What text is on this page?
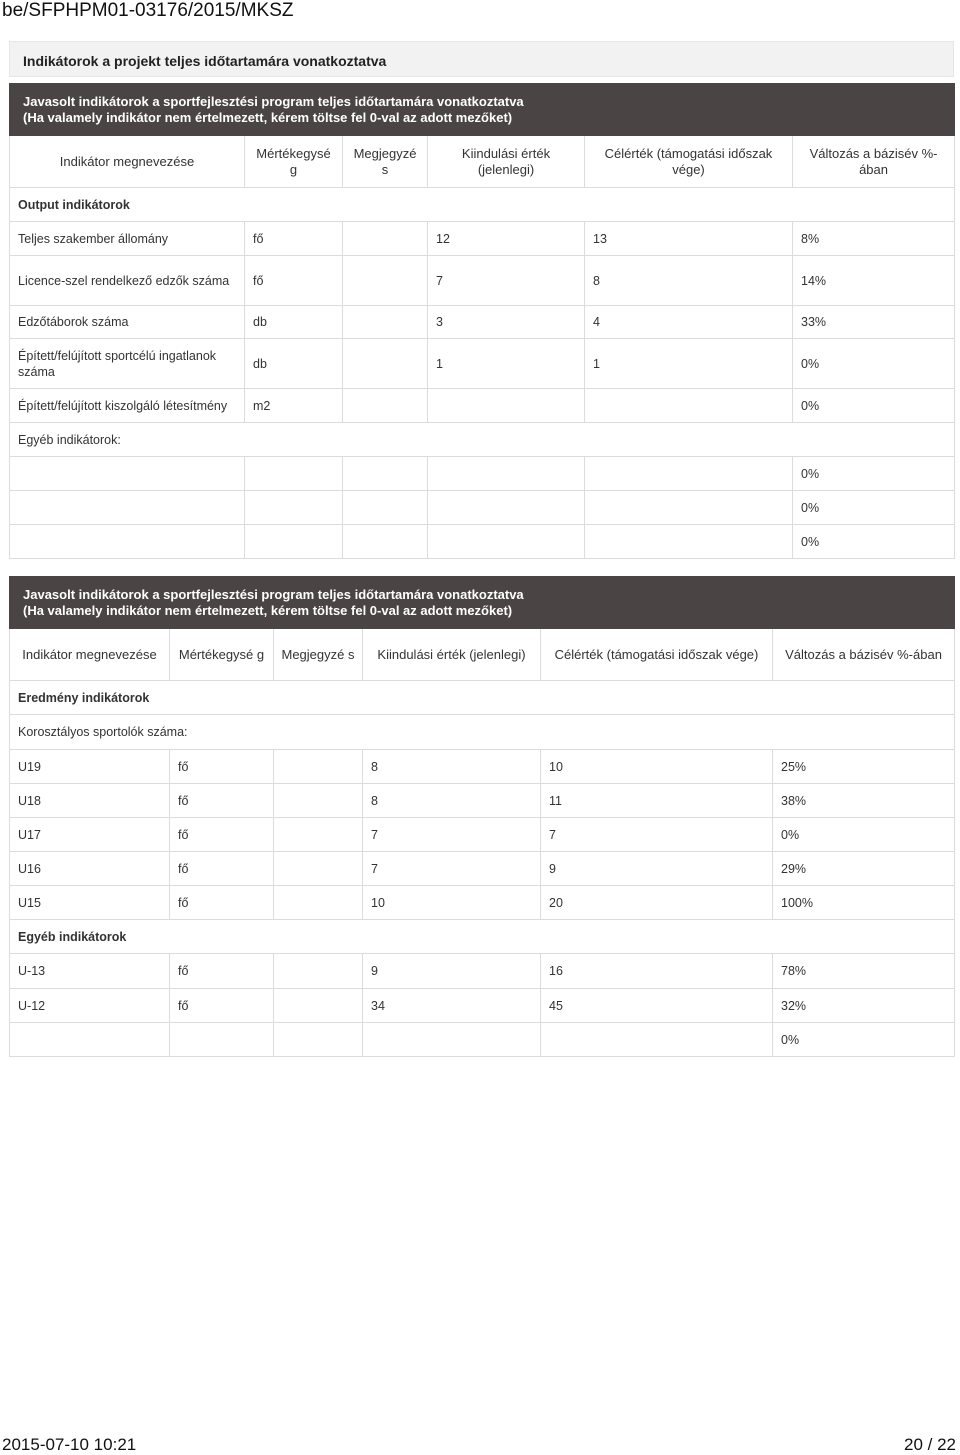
be/SFPHPM01-03176/2015/MKSZ
Indikátorok a projekt teljes időtartamára vonatkoztatva
Javasolt indikátorok a sportfejlesztési program teljes időtartamára vonatkoztatva
(Ha valamely indikátor nem értelmezett, kérem töltse fel 0-val az adott mezőket)					

Indikátor megnevezése	Mértékegysé g	Megjegyzé s	Kiindulási érték (jelenlegi)	Célérték (támogatási időszak vége)	Változás a bázisév %-ában
Output indikátorok					
Teljes szakember állomány	fő		12	13	8%
Licence-szel rendelkező edzők száma	fő		7	8	14%
Edzőtáborok száma	db		3	4	33%
Épített/felújított sportcélú ingatlanok száma	db		1	1	0%
Épített/felújított kiszolgáló létesítmény	m2				0%
Egyéb indikátorok:					
					0%
					0%
					0%
Javasolt indikátorok a sportfejlesztési program teljes időtartamára vonatkoztatva
(Ha valamely indikátor nem értelmezett, kérem töltse fel 0-val az adott mezőket)					

Indikátor megnevezése	Mértékegysé g	Megjegyzé s	Kiindulási érték (jelenlegi)	Célérték (támogatási időszak vége)	Változás a bázisév %-ában
Eredmény indikátorok					
Korosztályos sportolók száma:					
U19	fő		8	10	25%
U18	fő		8	11	38%
U17	fő		7	7	0%
U16	fő		7	9	29%
U15	fő		10	20	100%
Egyéb indikátorok					
U-13	fő		9	16	78%
U-12	fő		34	45	32%
					0%
2015-07-10 10:21	20 / 22
